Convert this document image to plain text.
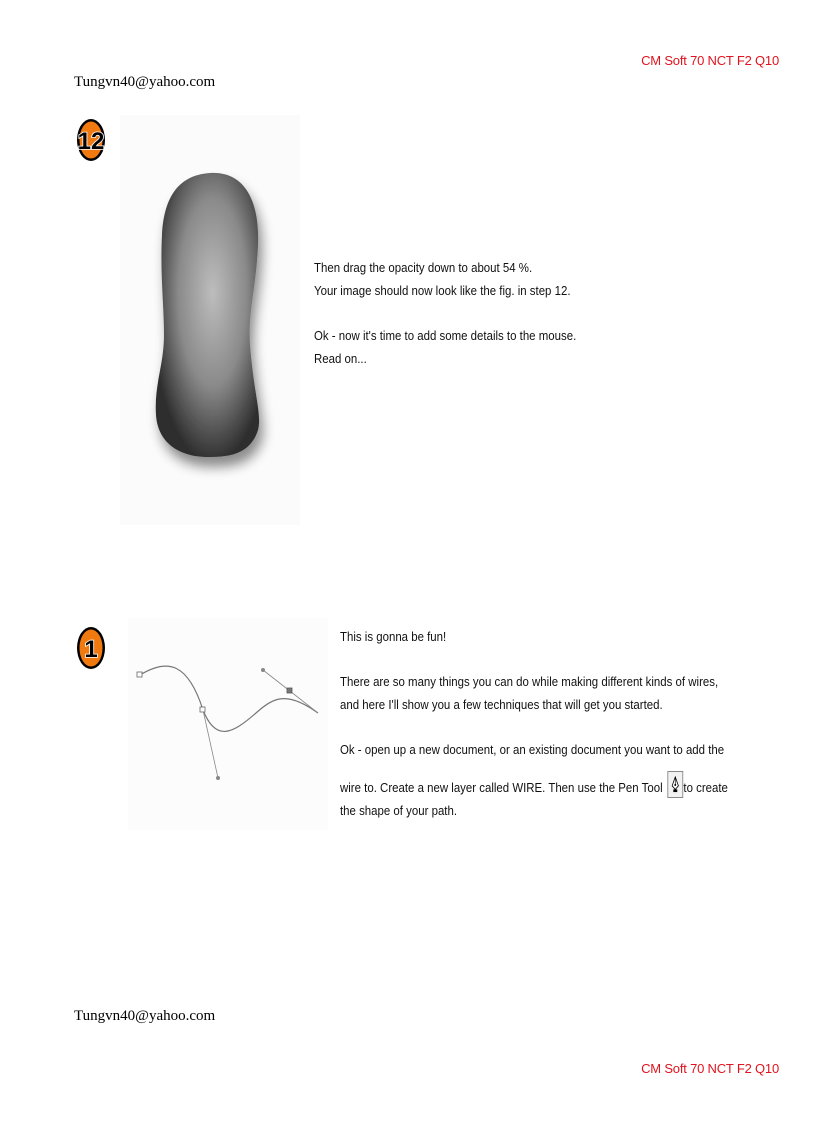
CM Soft 70 NCT F2 Q10
Tungvn40@yahoo.com
12
Then drag the opacity down to about 54 %.
Your image should now look like the fig. in step 12.
Ok - now it's time to add some details to the mouse.
Read on...
1	This is gonna be fun!
There are so many things you can do while making different kinds of wires,
and here I'll show you a few techniques that will get you started.
Ok - open up a new document, or an existing document you want to add the
wire to. Create a new layer called WIRE. Then use the Pen Tool to create
the shape of your path.
Tungvn40@yahoo.com
CM Soft 70 NCT F2 Q10
